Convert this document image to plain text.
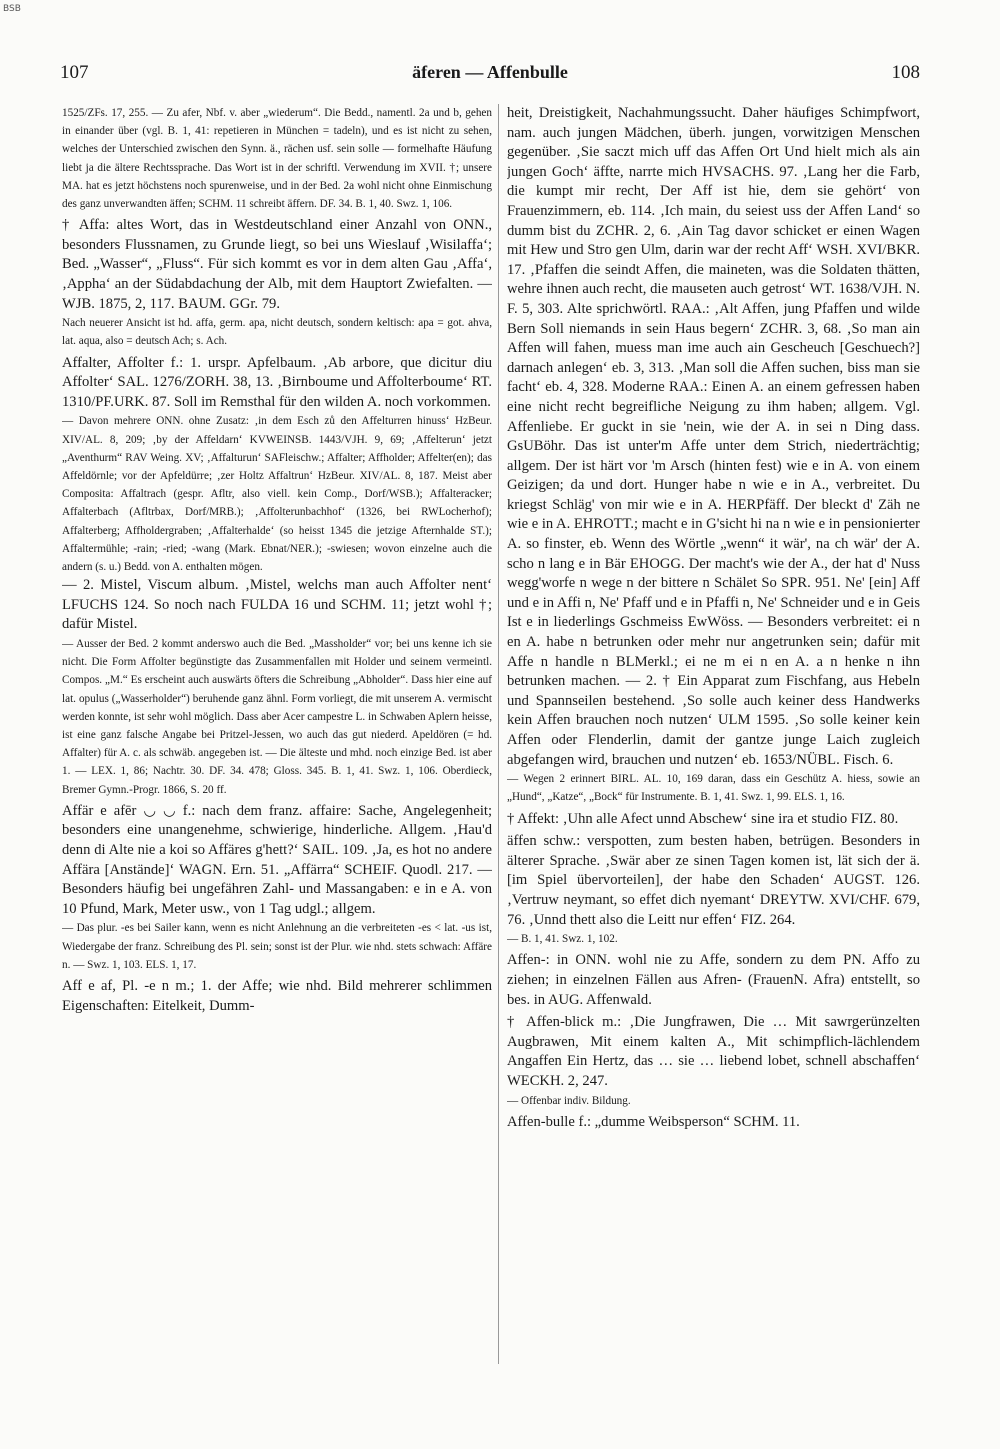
BSB
107	äferen — Affenbulle	108

1525/ZFs. 17, 255. — Zu afer, Nbf. v. aber „wiederum“. Die Bedd., namentl. 2a und b, gehen in einander über (vgl. B. 1, 41: repetieren in München = tadeln), und es ist nicht zu sehen, welches der Unterschied zwischen den Synn. ä., rächen usf. sein solle — formelhafte Häufung liebt ja die ältere Rechtssprache. Das Wort ist in der schriftl. Verwendung im XVII. †; unsere MA. hat es jetzt höchstens noch spurenweise, und in der Bed. 2a wohl nicht ohne Einmischung des ganz unverwandten äffen; SCHM. 11 schreibt äffern. DF. 34. B. 1, 40. Swz. 1, 106.

† Affa: altes Wort, das in Westdeutschland einer Anzahl von ONN., besonders Flussnamen, zu Grunde liegt, so bei uns Wieslauf ‚Wisilaffa‘; Bed. „Wasser“, „Fluss“. Für sich kommt es vor in dem alten Gau ‚Affa‘, ‚Appha‘ an der Südabdachung der Alb, mit dem Hauptort Zwiefalten. — WJB. 1875, 2, 117. BAUM. GGr. 79.

Nach neuerer Ansicht ist hd. affa, germ. apa, nicht deutsch, sondern keltisch: apa = got. ahva, lat. aqua, also = deutsch Ach; s. Ach.

Affalter, Affolter f.: 1. urspr. Apfelbaum. ‚Ab arbore, que dicitur diu Affolter‘ SAL. 1276/ZORH. 38, 13. ‚Birnboume und Affolterboume‘ RT. 1310/PF.URK. 87. Soll im Remsthal für den wilden A. noch vorkommen.

— Davon mehrere ONN. ohne Zusatz: ‚in dem Esch zů den Affelturren hinuss‘ HzBeur. XIV/AL. 8, 209; ‚by der Affeldarn‘ KVWEINSB. 1443/VJH. 9, 69; ‚Affelterun‘ jetzt „Aventhurm“ RAV Weing. XV; ‚Affalturun‘ SAFleischw.; Affalter; Affholder; Affelter(en); das Affeldörnle; vor der Apfeldürre; ‚zer Holtz Affaltrun‘ HzBeur. XIV/AL. 8, 187. Meist aber Composita: Affaltrach (gespr. Afltr, also viell. kein Comp., Dorf/WSB.); Affalteracker; Affalterbach (Afltrbax, Dorf/MRB.); ‚Affolterunbachhof‘ (1326, bei RWLocherhof); Affalterberg; Affholdergraben; ‚Affalterhalde‘ (so heisst 1345 die jetzige Afternhalde ST.); Affaltermühle; -rain; -ried; -wang (Mark. Ebnat/NER.); -swiesen; wovon einzelne auch die andern (s. u.) Bedd. von A. enthalten mögen.

— 2. Mistel, Viscum album. ‚Mistel, welchs man auch Affolter nent‘ LFUCHS 124. So noch nach FULDA 16 und SCHM. 11; jetzt wohl †; dafür Mistel.

— Ausser der Bed. 2 kommt anderswo auch die Bed. „Massholder“ vor; bei uns kenne ich sie nicht. Die Form Affolter begünstigte das Zusammenfallen mit Holder und seinem vermeintl. Compos. „M.“ Es erscheint auch auswärts öfters die Schreibung „Abholder“. Dass hier eine auf lat. opulus („Wasserholder“) beruhende ganz ähnl. Form vorliegt, die mit unserem A. vermischt werden konnte, ist sehr wohl möglich. Dass aber Acer campestre L. in Schwaben Aplern heisse, ist eine ganz falsche Angabe bei Pritzel-Jessen, wo auch das gut niederd. Apeldören (= hd. Affalter) für A. c. als schwäb. angegeben ist. — Die älteste und mhd. noch einzige Bed. ist aber 1. — LEX. 1, 86; Nachtr. 30. DF. 34. 478; Gloss. 345. B. 1, 41. Swz. 1, 106. Oberdieck, Bremer Gymn.-Progr. 1866, S. 20 ff.

Affär e afēr ◡ ◡ f.: nach dem franz. affaire: Sache, Angelegenheit; besonders eine unangenehme, schwierige, hinderliche. Allgem. ‚Hau'd denn di Alte nie a koi so Affäres g'hett?‘ SAIL. 109. ‚Ja, es hot no andere Affära [Anstände]‘ WAGN. Ern. 51. „Affärra“ SCHEIF. Quodl. 217. — Besonders häufig bei ungefähren Zahl- und Massangaben: e in e A. von 10 Pfund, Mark, Meter usw., von 1 Tag udgl.; allgem.

— Das plur. -es bei Sailer kann, wenn es nicht Anlehnung an die verbreiteten -es < lat. -us ist, Wiedergabe der franz. Schreibung des Pl. sein; sonst ist der Plur. wie nhd. stets schwach: Affäre n. — Swz. 1, 103. ELS. 1, 17.

Aff e af, Pl. -e n m.; 1. der Affe; wie nhd. Bild mehrerer schlimmen Eigenschaften: Eitelkeit, Dumm-

heit, Dreistigkeit, Nachahmungssucht. Daher häufiges Schimpfwort, nam. auch jungen Mädchen, überh. jungen, vorwitzigen Menschen gegenüber. ‚Sie saczt mich uff das Affen Ort Und hielt mich als ain jungen Goch‘ äffte, narrte mich HVSACHS. 97. ‚Lang her die Farb, die kumpt mir recht, Der Aff ist hie, dem sie gehört‘ von Frauenzimmern, eb. 114. ‚Ich main, du seiest uss der Affen Land‘ so dumm bist du ZCHR. 2, 6. ‚Ain Tag davor schicket er einen Wagen mit Hew und Stro gen Ulm, darin war der recht Aff‘ WSH. XVI/BKR. 17. ‚Pfaffen die seindt Affen, die maineten, was die Soldaten thätten, wehre ihnen auch recht, die mauseten auch getrost‘ WT. 1638/VJH. N. F. 5, 303. Alte sprichwörtl. RAA.: ‚Alt Affen, jung Pfaffen und wilde Bern Soll niemands in sein Haus begern‘ ZCHR. 3, 68. ‚So man ain Affen will fahen, muess man ime auch ain Gescheuch [Geschuech?] darnach anlegen‘ eb. 3, 313. ‚Man soll die Affen suchen, biss man sie facht‘ eb. 4, 328. Moderne RAA.: Einen A. an einem gefressen haben eine nicht recht begreifliche Neigung zu ihm haben; allgem. Vgl. Affenliebe. Er guckt in sie 'nein, wie der A. in sei n Ding dass. GsUBöhr. Das ist unter'm Affe unter dem Strich, niederträchtig; allgem. Der ist härt vor 'm Arsch (hinten fest) wie e in A. von einem Geizigen; da und dort. Hunger habe n wie e in A., verbreitet. Du kriegst Schläg' von mir wie e in A. HERPfäff. Der bleckt d' Zäh ne wie e in A. EHROTT.; macht e in G'sicht hi na n wie e in pensionierter A. so finster, eb. Wenn des Wörtle „wenn“ it wär', na ch wär' der A. scho n lang e in Bär EHOGG. Der macht's wie der A., der hat d' Nuss wegg'worfe n wege n der bittere n Schälet So SPR. 951. Ne' [ein] Aff und e in Affi n, Ne' Pfaff und e in Pfaffi n, Ne' Schneider und e in Geis Ist e in liederlings Gschmeiss EwWöss. — Besonders verbreitet: ei n en A. habe n betrunken oder mehr nur angetrunken sein; dafür mit Affe n handle n BLMerkl.; ei ne m ei n en A. a n henke n ihn betrunken machen. — 2. † Ein Apparat zum Fischfang, aus Hebeln und Spannseilen bestehend. ‚So solle auch keiner dess Handwerks kein Affen brauchen noch nutzen‘ ULM 1595. ‚So solle keiner kein Affen oder Flenderlin, damit der gantze junge Laich zugleich abgefangen wird, brauchen und nutzen‘ eb. 1653/NÜBL. Fisch. 6.

— Wegen 2 erinnert BIRL. AL. 10, 169 daran, dass ein Geschütz A. hiess, sowie an „Hund“, „Katze“, „Bock“ für Instrumente. B. 1, 41. Swz. 1, 99. ELS. 1, 16.

† Affekt: ‚Uhn alle Afect unnd Abschew‘ sine ira et studio FIZ. 80.

äffen schw.: verspotten, zum besten haben, betrügen. Besonders in älterer Sprache. ‚Swär aber ze sinen Tagen komen ist, lät sich der ä. [im Spiel übervorteilen], der habe den Schaden‘ AUGST. 126. ‚Vertruw neymant, so effet dich nyemant‘ DREYTW. XVI/CHF. 679, 76. ‚Unnd thett also die Leitt nur effen‘ FIZ. 264.

— B. 1, 41. Swz. 1, 102.

Affen-: in ONN. wohl nie zu Affe, sondern zu dem PN. Affo zu ziehen; in einzelnen Fällen aus Afren- (FrauenN. Afra) entstellt, so bes. in AUG. Affenwald.

† Affen-blick m.: ‚Die Jungfrawen, Die … Mit sawrgerünzelten Augbrawen, Mit einem kalten A., Mit schimpflich-lächlendem Angaffen Ein Hertz, das … sie … liebend lobet, schnell abschaffen‘ WECKH. 2, 247.

— Offenbar indiv. Bildung.

Affen-bulle f.: „dumme Weibsperson“ SCHM. 11.
